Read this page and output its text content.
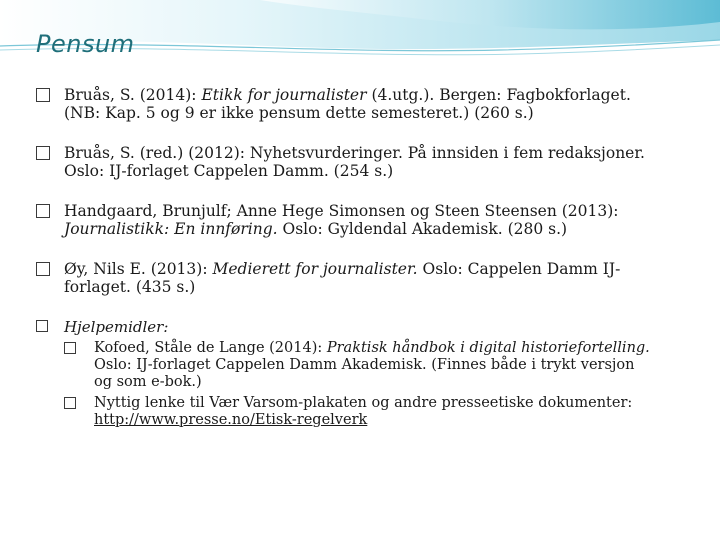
Pensum
Bruås, S. (2014): Etikk for journalister (4.utg.). Bergen: Fagbokforlaget.
(NB: Kap. 5 og 9 er ikke pensum dette semesteret.) (260 s.)
Bruås, S. (red.) (2012): Nyhetsvurderinger. På innsiden i fem redaksjoner.
Oslo: IJ-forlaget Cappelen Damm. (254 s.)
Handgaard, Brunjulf; Anne Hege Simonsen og Steen Steensen (2013):
Journalistikk: En innføring. Oslo: Gyldendal Akademisk. (280 s.)
Øy, Nils E. (2013): Medierett for journalister. Oslo: Cappelen Damm IJ-
forlaget. (435 s.)
Hjelpemidler:
Kofoed, Ståle de Lange (2014): Praktisk håndbok i digital historiefortelling.
Oslo: IJ-forlaget Cappelen Damm Akademisk. (Finnes både i trykt versjon
og som e-bok.)
Nyttig lenke til Vær Varsom-plakaten og andre presseetiske dokumenter:
http://www.presse.no/Etisk-regelverk
